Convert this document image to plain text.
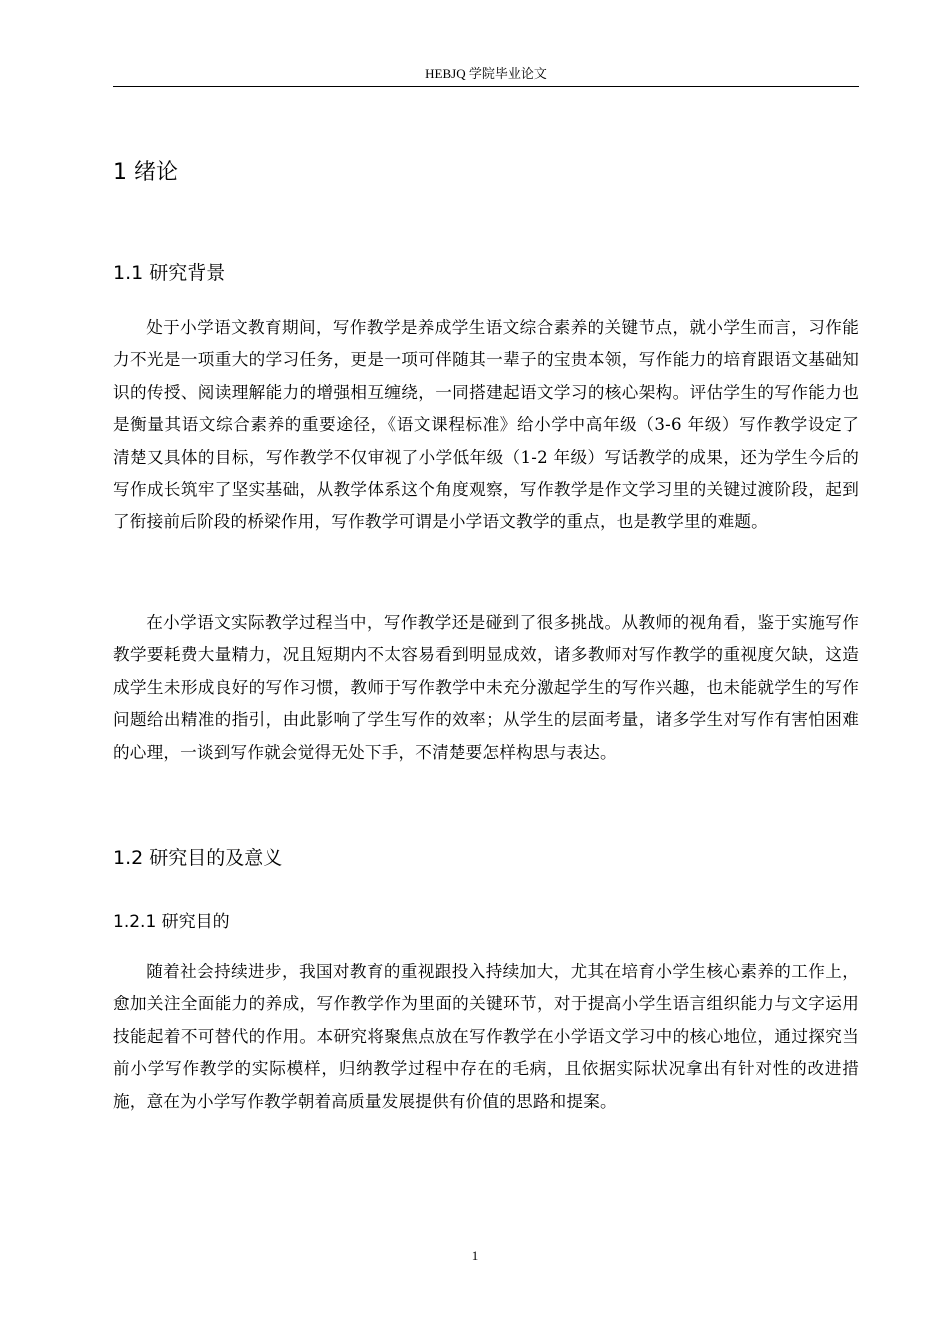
HEBJQ 学院毕业论文
1 绪论
1.1 研究背景

处于小学语文教育期间，写作教学是养成学生语文综合素养的关键节点，就小学生而言，习作能力不光是一项重大的学习任务，更是一项可伴随其一辈子的宝贵本领，写作能力的培育跟语文基础知识的传授、阅读理解能力的增强相互缠绕，一同搭建起语文学习的核心架构。评估学生的写作能力也是衡量其语文综合素养的重要途径，《语文课程标准》给小学中高年级（3-6 年级）写作教学设定了清楚又具体的目标，写作教学不仅审视了小学低年级（1-2 年级）写话教学的成果，还为学生今后的写作成长筑牢了坚实基础，从教学体系这个角度观察，写作教学是作文学习里的关键过渡阶段，起到了衔接前后阶段的桥梁作用，写作教学可谓是小学语文教学的重点，也是教学里的难题。

在小学语文实际教学过程当中，写作教学还是碰到了很多挑战。从教师的视角看，鉴于实施写作教学要耗费大量精力，况且短期内不太容易看到明显成效，诸多教师对写作教学的重视度欠缺，这造成学生未形成良好的写作习惯，教师于写作教学中未充分激起学生的写作兴趣，也未能就学生的写作问题给出精准的指引，由此影响了学生写作的效率；从学生的层面考量，诸多学生对写作有害怕困难的心理，一谈到写作就会觉得无处下手，不清楚要怎样构思与表达。

1.2 研究目的及意义
1.2.1 研究目的

随着社会持续进步，我国对教育的重视跟投入持续加大，尤其在培育小学生核心素养的工作上，愈加关注全面能力的养成，写作教学作为里面的关键环节，对于提高小学生语言组织能力与文字运用技能起着不可替代的作用。本研究将聚焦点放在写作教学在小学语文学习中的核心地位，通过探究当前小学写作教学的实际模样，归纳教学过程中存在的毛病，且依据实际状况拿出有针对性的改进措施，意在为小学写作教学朝着高质量发展提供有价值的思路和提案。

1
